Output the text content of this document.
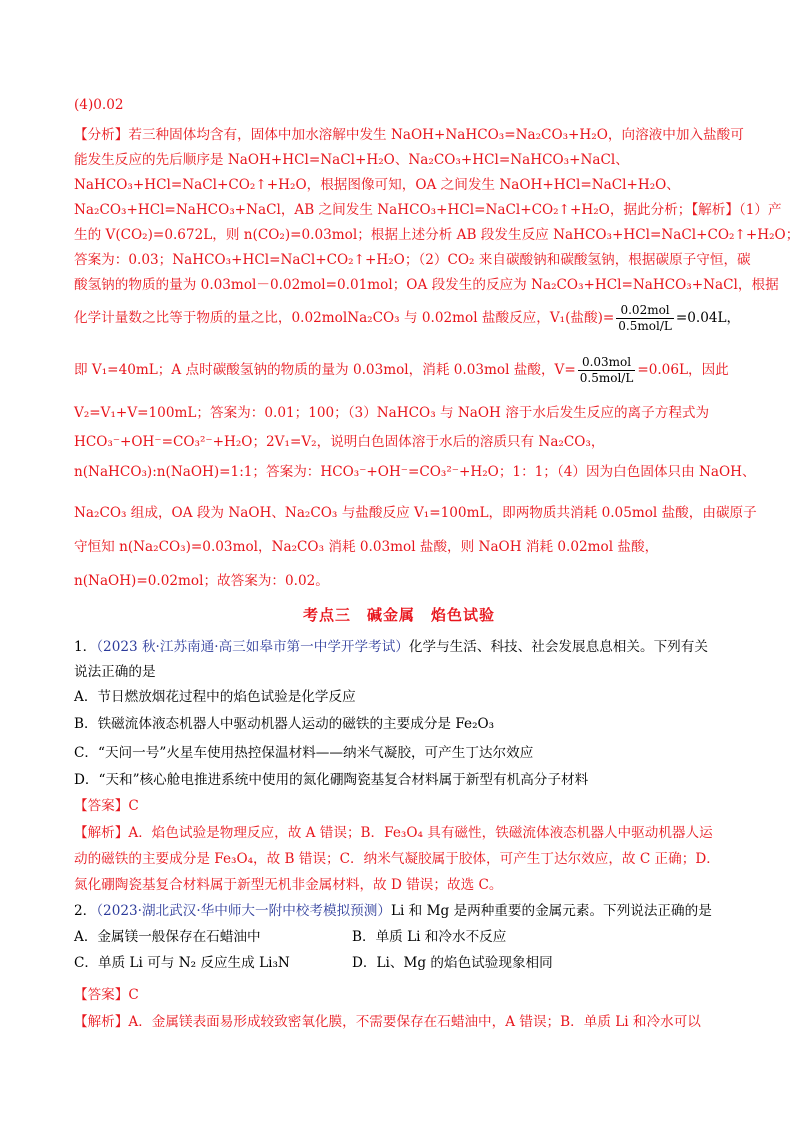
(4)0.02
【分析】若三种固体均含有，固体中加水溶解中发生 NaOH+NaHCO₃=Na₂CO₃+H₂O，向溶液中加入盐酸可
能发生反应的先后顺序是 NaOH+HCl=NaCl+H₂O、Na₂CO₃+HCl=NaHCO₃+NaCl、
NaHCO₃+HCl=NaCl+CO₂↑+H₂O，根据图像可知，OA 之间发生 NaOH+HCl=NaCl+H₂O、
Na₂CO₃+HCl=NaHCO₃+NaCl，AB 之间发生 NaHCO₃+HCl=NaCl+CO₂↑+H₂O，据此分析；【解析】（1）产
生的 V(CO₂)=0.672L，则 n(CO₂)=0.03mol；根据上述分析 AB 段发生反应 NaHCO₃+HCl=NaCl+CO₂↑+H₂O；
答案为：0.03；NaHCO₃+HCl=NaCl+CO₂↑+H₂O；（2）CO₂ 来自碳酸钠和碳酸氢钠，根据碳原子守恒，碳
酸氢钠的物质的量为 0.03mol－0.02mol=0.01mol；OA 段发生的反应为 Na₂CO₃+HCl=NaHCO₃+NaCl，根据
化学计量数之比等于物质的量之比，0.02molNa₂CO₃ 与 0.02mol 盐酸反应，V₁(盐酸)= $\frac{\text{0.02mol}}{\text{0.5mol/L}} =0.04L$，
即 V₁=40mL；A 点时碳酸氢钠的物质的量为 0.03mol，消耗 0.03mol 盐酸，$V= \frac{\text{0.03mol}}{\text{0.5mol/L}} =0.06L$，因此
V₂=V₁+V=100mL；答案为：0.01；100；（3）NaHCO₃ 与 NaOH 溶于水后发生反应的离子方程式为
HCO₃⁻+OH⁻=CO₃²⁻+H₂O；2V₁=V₂，说明白色固体溶于水后的溶质只有 Na₂CO₃，
n(NaHCO₃):n(NaOH)=1:1；答案为：HCO₃⁻+OH⁻=CO₃²⁻+H₂O；1：1；（4）因为白色固体只由 NaOH、
Na₂CO₃ 组成，OA 段为 NaOH、Na₂CO₃ 与盐酸反应 V₁=100mL，即两物质共消耗 0.05mol 盐酸，由碳原子
守恒知 n(Na₂CO₃)=0.03mol，Na₂CO₃ 消耗 0.03mol 盐酸，则 NaOH 消耗 0.02mol 盐酸，
n(NaOH)=0.02mol；故答案为：0.02。
考点三　碱金属　焰色试验
1．（2023 秋·江苏南通·高三如皋市第一中学开学考试）化学与生活、科技、社会发展息息相关。下列有关
说法正确的是
A．节日燃放烟花过程中的焰色试验是化学反应
B．铁磁流体液态机器人中驱动机器人运动的磁铁的主要成分是 Fe₂O₃
C．“天问一号”火星车使用热控保温材料——纳米气凝胶，可产生丁达尔效应
D．“天和”核心舱电推进系统中使用的氮化硼陶瓷基复合材料属于新型有机高分子材料
【答案】C
【解析】A．焰色试验是物理反应，故 A 错误；B．Fe₃O₄ 具有磁性，铁磁流体液态机器人中驱动机器人运
动的磁铁的主要成分是 Fe₃O₄，故 B 错误；C．纳米气凝胶属于胶体，可产生丁达尔效应，故 C 正确；D．
氮化硼陶瓷基复合材料属于新型无机非金属材料，故 D 错误；故选 C。
2．（2023·湖北武汉·华中师大一附中校考模拟预测）Li 和 Mg 是两种重要的金属元素。下列说法正确的是
A．金属镁一般保存在石蜡油中	B．单质 Li 和冷水不反应
C．单质 Li 可与 N₂ 反应生成 Li₃N	D．Li、Mg 的焰色试验现象相同
【答案】C
【解析】A．金属镁表面易形成较致密氧化膜，不需要保存在石蜡油中，A 错误；B．单质 Li 和冷水可以
